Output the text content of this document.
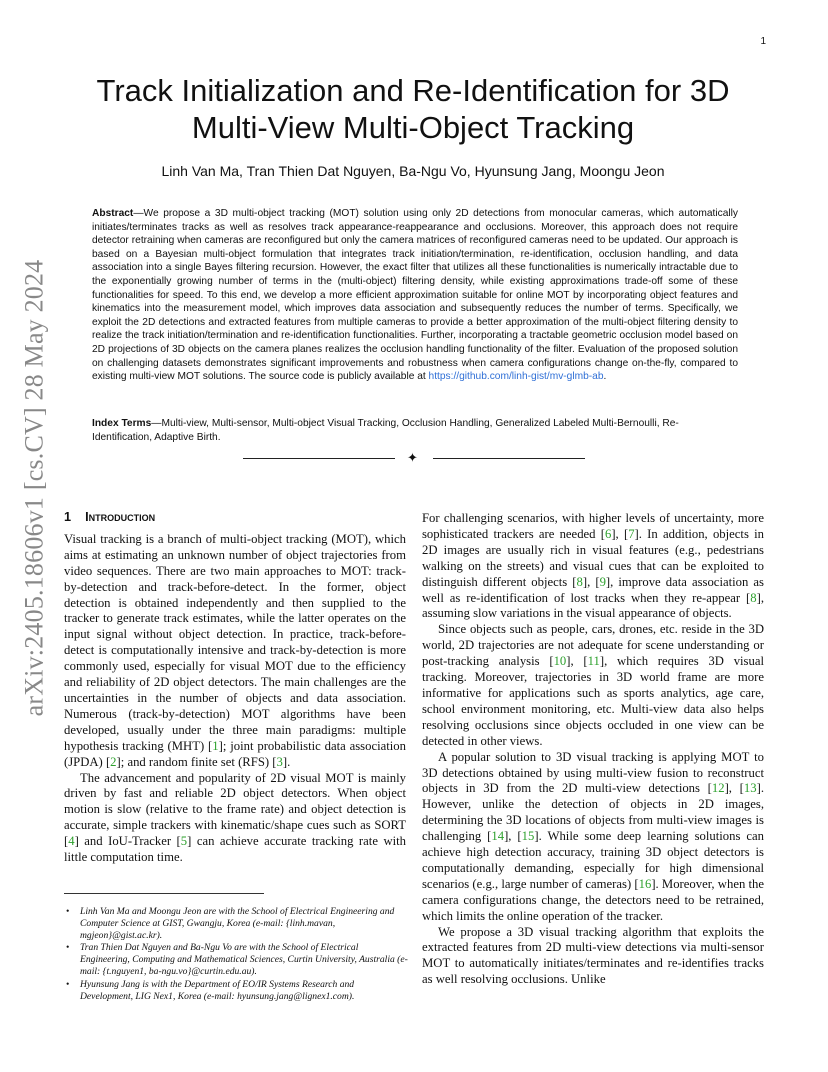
1
arXiv:2405.18606v1 [cs.CV] 28 May 2024
Track Initialization and Re-Identification for 3D Multi-View Multi-Object Tracking
Linh Van Ma, Tran Thien Dat Nguyen, Ba-Ngu Vo, Hyunsung Jang, Moongu Jeon
Abstract—We propose a 3D multi-object tracking (MOT) solution using only 2D detections from monocular cameras, which automatically initiates/terminates tracks as well as resolves track appearance-reappearance and occlusions. Moreover, this approach does not require detector retraining when cameras are reconfigured but only the camera matrices of reconfigured cameras need to be updated. Our approach is based on a Bayesian multi-object formulation that integrates track initiation/termination, re-identification, occlusion handling, and data association into a single Bayes filtering recursion. However, the exact filter that utilizes all these functionalities is numerically intractable due to the exponentially growing number of terms in the (multi-object) filtering density, while existing approximations trade-off some of these functionalities for speed. To this end, we develop a more efficient approximation suitable for online MOT by incorporating object features and kinematics into the measurement model, which improves data association and subsequently reduces the number of terms. Specifically, we exploit the 2D detections and extracted features from multiple cameras to provide a better approximation of the multi-object filtering density to realize the track initiation/termination and re-identification functionalities. Further, incorporating a tractable geometric occlusion model based on 2D projections of 3D objects on the camera planes realizes the occlusion handling functionality of the filter. Evaluation of the proposed solution on challenging datasets demonstrates significant improvements and robustness when camera configurations change on-the-fly, compared to existing multi-view MOT solutions. The source code is publicly available at https://github.com/linh-gist/mv-glmb-ab.
Index Terms—Multi-view, Multi-sensor, Multi-object Visual Tracking, Occlusion Handling, Generalized Labeled Multi-Bernoulli, Re-Identification, Adaptive Birth.
✦
1 Introduction

Visual tracking is a branch of multi-object tracking (MOT), which aims at estimating an unknown number of object trajectories from video sequences. There are two main approaches to MOT: track-by-detection and track-before-detect. In the former, object detection is obtained independently and then supplied to the tracker to generate track estimates, while the latter operates on the input signal without object detection. In practice, track-before-detect is computationally intensive and track-by-detection is more commonly used, especially for visual MOT due to the efficiency and reliability of 2D object detectors. The main challenges are the uncertainties in the number of objects and data association. Numerous (track-by-detection) MOT algorithms have been developed, usually under the three main paradigms: multiple hypothesis tracking (MHT) [1]; joint probabilistic data association (JPDA) [2]; and random finite set (RFS) [3].

The advancement and popularity of 2D visual MOT is mainly driven by fast and reliable 2D object detectors. When object motion is slow (relative to the frame rate) and object detection is accurate, simple trackers with kinematic/shape cues such as SORT [4] and IoU-Tracker [5] can achieve accurate tracking rate with little computation time.

• Linh Van Ma and Moongu Jeon are with the School of Electrical Engineering and Computer Science at GIST, Gwangju, Korea (e-mail: {linh.mavan, mgjeon}@gist.ac.kr).
• Tran Thien Dat Nguyen and Ba-Ngu Vo are with the School of Electrical Engineering, Computing and Mathematical Sciences, Curtin University, Australia (e-mail: {t.nguyen1, ba-ngu.vo}@curtin.edu.au).
• Hyunsung Jang is with the Department of EO/IR Systems Research and Development, LIG Nex1, Korea (e-mail: hyunsung.jang@lignex1.com).

For challenging scenarios, with higher levels of uncertainty, more sophisticated trackers are needed [6], [7]. In addition, objects in 2D images are usually rich in visual features (e.g., pedestrians walking on the streets) and visual cues that can be exploited to distinguish different objects [8], [9], improve data association as well as re-identification of lost tracks when they re-appear [8], assuming slow variations in the visual appearance of objects.

Since objects such as people, cars, drones, etc. reside in the 3D world, 2D trajectories are not adequate for scene understanding or post-tracking analysis [10], [11], which requires 3D visual tracking. Moreover, trajectories in 3D world frame are more informative for applications such as sports analytics, age care, school environment monitoring, etc. Multi-view data also helps resolving occlusions since objects occluded in one view can be detected in other views.

A popular solution to 3D visual tracking is applying MOT to 3D detections obtained by using multi-view fusion to reconstruct objects in 3D from the 2D multi-view detections [12], [13]. However, unlike the detection of objects in 2D images, determining the 3D locations of objects from multi-view images is challenging [14], [15]. While some deep learning solutions can achieve high detection accuracy, training 3D object detectors is computationally demanding, especially for high dimensional scenarios (e.g., large number of cameras) [16]. Moreover, when the camera configurations change, the detectors need to be retrained, which limits the online operation of the tracker.

We propose a 3D visual tracking algorithm that exploits the extracted features from 2D multi-view detections via multi-sensor MOT to automatically initiates/terminates and re-identifies tracks as well resolving occlusions. Unlike
